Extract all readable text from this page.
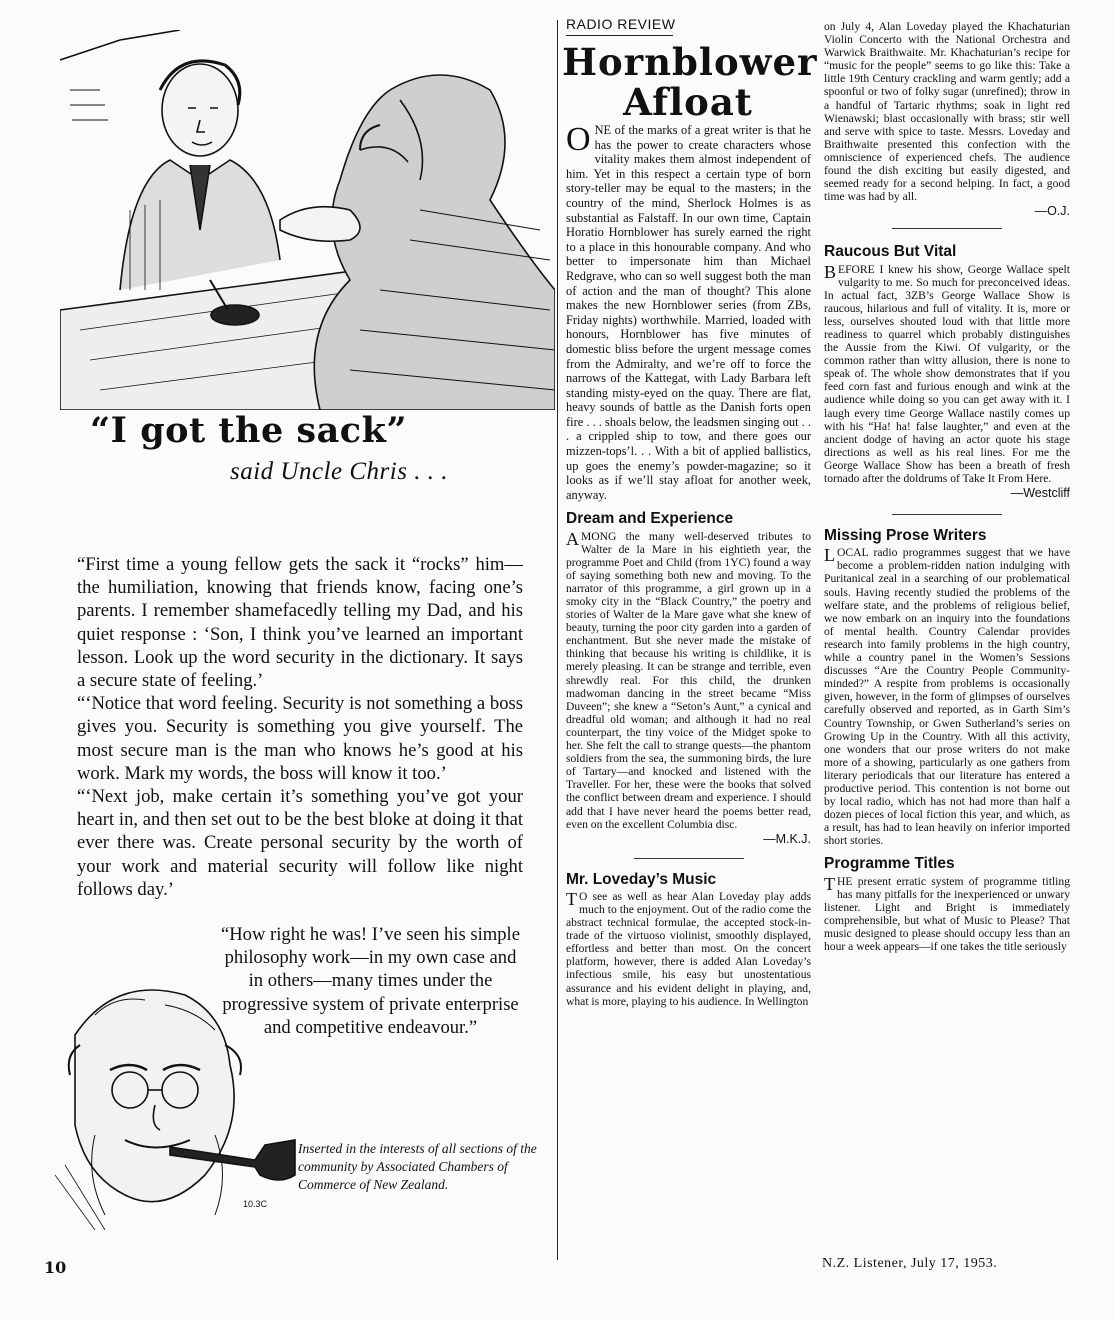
“I got the sack”
said Uncle Chris . . .

“First time a young fellow gets the sack it “rocks” him—the humiliation, knowing that friends know, facing one’s parents. I remember shamefacedly telling my Dad, and his quiet response : ‘Son, I think you’ve learned an important lesson. Look up the word security in the dictionary. It says a secure state of feeling.’

“‘Notice that word feeling. Security is not something a boss gives you. Security is something you give yourself. The most secure man is the man who knows he’s good at his work. Mark my words, the boss will know it too.’

“‘Next job, make certain it’s something you’ve got your heart in, and then set out to be the best bloke at doing it that ever there was. Create personal security by the worth of your work and material security will follow like night follows day.’

“How right he was! I’ve seen his simple philosophy work—in my own case and in others—many times under the progressive system of private enterprise and competitive endeavour.”
Inserted in the interests of all sections of the community by Associated Chambers of Commerce of New Zealand.
10.3C
RADIO REVIEW
Hornblower Afloat

ONE of the marks of a great writer is that he has the power to create characters whose vitality makes them almost independent of him. Yet in this respect a certain type of born story-teller may be equal to the masters; in the country of the mind, Sherlock Holmes is as substantial as Falstaff. In our own time, Captain Horatio Hornblower has surely earned the right to a place in this honourable company. And who better to impersonate him than Michael Redgrave, who can so well suggest both the man of action and the man of thought? This alone makes the new Hornblower series (from ZBs, Friday nights) worthwhile. Married, loaded with honours, Hornblower has five minutes of domestic bliss before the urgent message comes from the Admiralty, and we’re off to force the narrows of the Kattegat, with Lady Barbara left standing misty-eyed on the quay. There are flat, heavy sounds of battle as the Danish forts open fire . . . shoals below, the leadsmen singing out . . . a crippled ship to tow, and there goes our mizzen-tops’l. . . With a bit of applied ballistics, up goes the enemy’s powder-magazine; so it looks as if we’ll stay afloat for another week, anyway.

Dream and Experience

AMONG the many well-deserved tributes to Walter de la Mare in his eightieth year, the programme Poet and Child (from 1YC) found a way of saying something both new and moving. To the narrator of this programme, a girl grown up in a smoky city in the “Black Country,” the poetry and stories of Walter de la Mare gave what she knew of beauty, turning the poor city garden into a garden of enchantment. But she never made the mistake of thinking that because his writing is childlike, it is merely pleasing. It can be strange and terrible, even shrewdly real. For this child, the drunken madwoman dancing in the street became “Miss Duveen”; she knew a “Seton’s Aunt,” a cynical and dreadful old woman; and although it had no real counterpart, the tiny voice of the Midget spoke to her. She felt the call to strange quests—the phantom soldiers from the sea, the summoning birds, the lure of Tartary—and knocked and listened with the Traveller. For her, these were the books that solved the conflict between dream and experience. I should add that I have never heard the poems better read, even on the excellent Columbia disc.

—M.K.J.
Mr. Loveday’s Music

T O see as well as hear Alan Loveday play adds much to the enjoyment. Out of the radio come the abstract technical formulae, the accepted stock-in-trade of the virtuoso violinist, smoothly displayed, effortless and better than most. On the concert platform, however, there is added Alan Loveday’s infectious smile, his easy but unostentatious assurance and his evident delight in playing, and, what is more, playing to his audience. In Wellington

on July 4, Alan Loveday played the Khachaturian Violin Concerto with the National Orchestra and Warwick Braithwaite. Mr. Khachaturian’s recipe for “music for the people” seems to go like this: Take a little 19th Century crackling and warm gently; add a spoonful or two of folky sugar (unrefined); throw in a handful of Tartaric rhythms; soak in light red Wienawski; blast occasionally with brass; stir well and serve with spice to taste. Messrs. Loveday and Braithwaite presented this confection with the omniscience of experienced chefs. The audience found the dish exciting but easily digested, and seemed ready for a second helping. In fact, a good time was had by all.

—O.J.
Raucous But Vital

BEFORE I knew his show, George Wallace spelt vulgarity to me. So much for preconceived ideas. In actual fact, 3ZB’s George Wallace Show is raucous, hilarious and full of vitality. It is, more or less, ourselves shouted loud with that little more readiness to quarrel which probably distinguishes the Aussie from the Kiwi. Of vulgarity, or the common rather than witty allusion, there is none to speak of. The whole show demonstrates that if you feed corn fast and furious enough and wink at the audience while doing so you can get away with it. I laugh every time George Wallace nastily comes up with his “Ha! ha! false laughter,” and even at the ancient dodge of having an actor quote his stage directions as well as his real lines. For me the George Wallace Show has been a breath of fresh tornado after the doldrums of Take It From Here.

—Westcliff
Missing Prose Writers

LOCAL radio programmes suggest that we have become a problem-ridden nation indulging with Puritanical zeal in a searching of our problematical souls. Having recently studied the problems of the welfare state, and the problems of religious belief, we now embark on an inquiry into the foundations of mental health. Country Calendar provides research into family problems in the high country, while a country panel in the Women’s Sessions discusses “Are the Country People Community-minded?” A respite from problems is occasionally given, however, in the form of glimpses of ourselves carefully observed and reported, as in Garth Sim’s Country Township, or Gwen Sutherland’s series on Growing Up in the Country. With all this activity, one wonders that our prose writers do not make more of a showing, particularly as one gathers from literary periodicals that our literature has entered a productive period. This contention is not borne out by local radio, which has not had more than half a dozen pieces of local fiction this year, and which, as a result, has had to lean heavily on inferior imported short stories.

Programme Titles

THE present erratic system of programme titling has many pitfalls for the inexperienced or unwary listener. Light and Bright is immediately comprehensible, but what of Music to Please? That music designed to please should occupy less than an hour a week appears—if one takes the title seriously

10	N.Z. Listener, July 17, 1953.
